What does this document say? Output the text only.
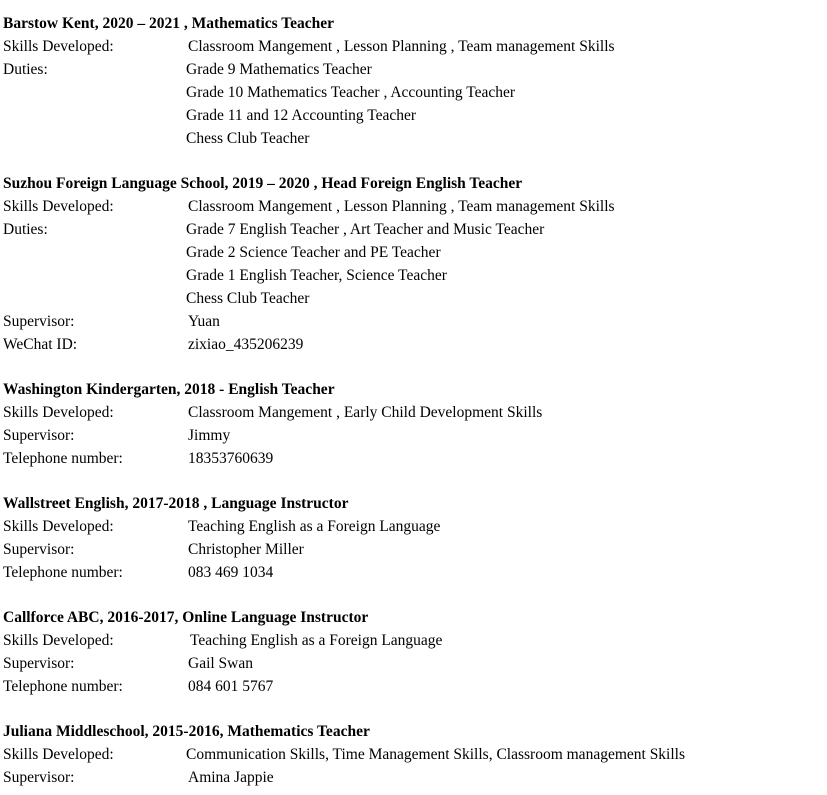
Barstow Kent, 2020 – 2021 , Mathematics Teacher
Skills Developed:	Classroom Mangement , Lesson Planning , Team management Skills
Duties:	Grade 9 Mathematics Teacher
Grade 10 Mathematics Teacher , Accounting Teacher
Grade 11 and 12 Accounting Teacher
Chess Club Teacher
Suzhou Foreign Language School, 2019 – 2020 , Head Foreign English Teacher
Skills Developed:	Classroom Mangement , Lesson Planning , Team management Skills
Duties:	Grade 7 English Teacher , Art Teacher and Music Teacher
Grade 2 Science Teacher and PE Teacher
Grade 1 English Teacher, Science Teacher
Chess Club Teacher
Supervisor:	Yuan
WeChat ID:	zixiao_435206239
Washington Kindergarten, 2018 - English Teacher
Skills Developed:	Classroom Mangement , Early Child Development Skills
Supervisor:	Jimmy
Telephone number:	18353760639
Wallstreet English, 2017-2018 , Language Instructor
Skills Developed:	Teaching English as a Foreign Language
Supervisor:	Christopher Miller
Telephone number:	083 469 1034
Callforce ABC, 2016-2017, Online Language Instructor
Skills Developed:	Teaching English as a Foreign Language
Supervisor:	Gail Swan
Telephone number:	084 601 5767
Juliana Middleschool, 2015-2016, Mathematics Teacher
Skills Developed:	Communication Skills, Time Management Skills, Classroom management Skills
Supervisor:	Amina Jappie
